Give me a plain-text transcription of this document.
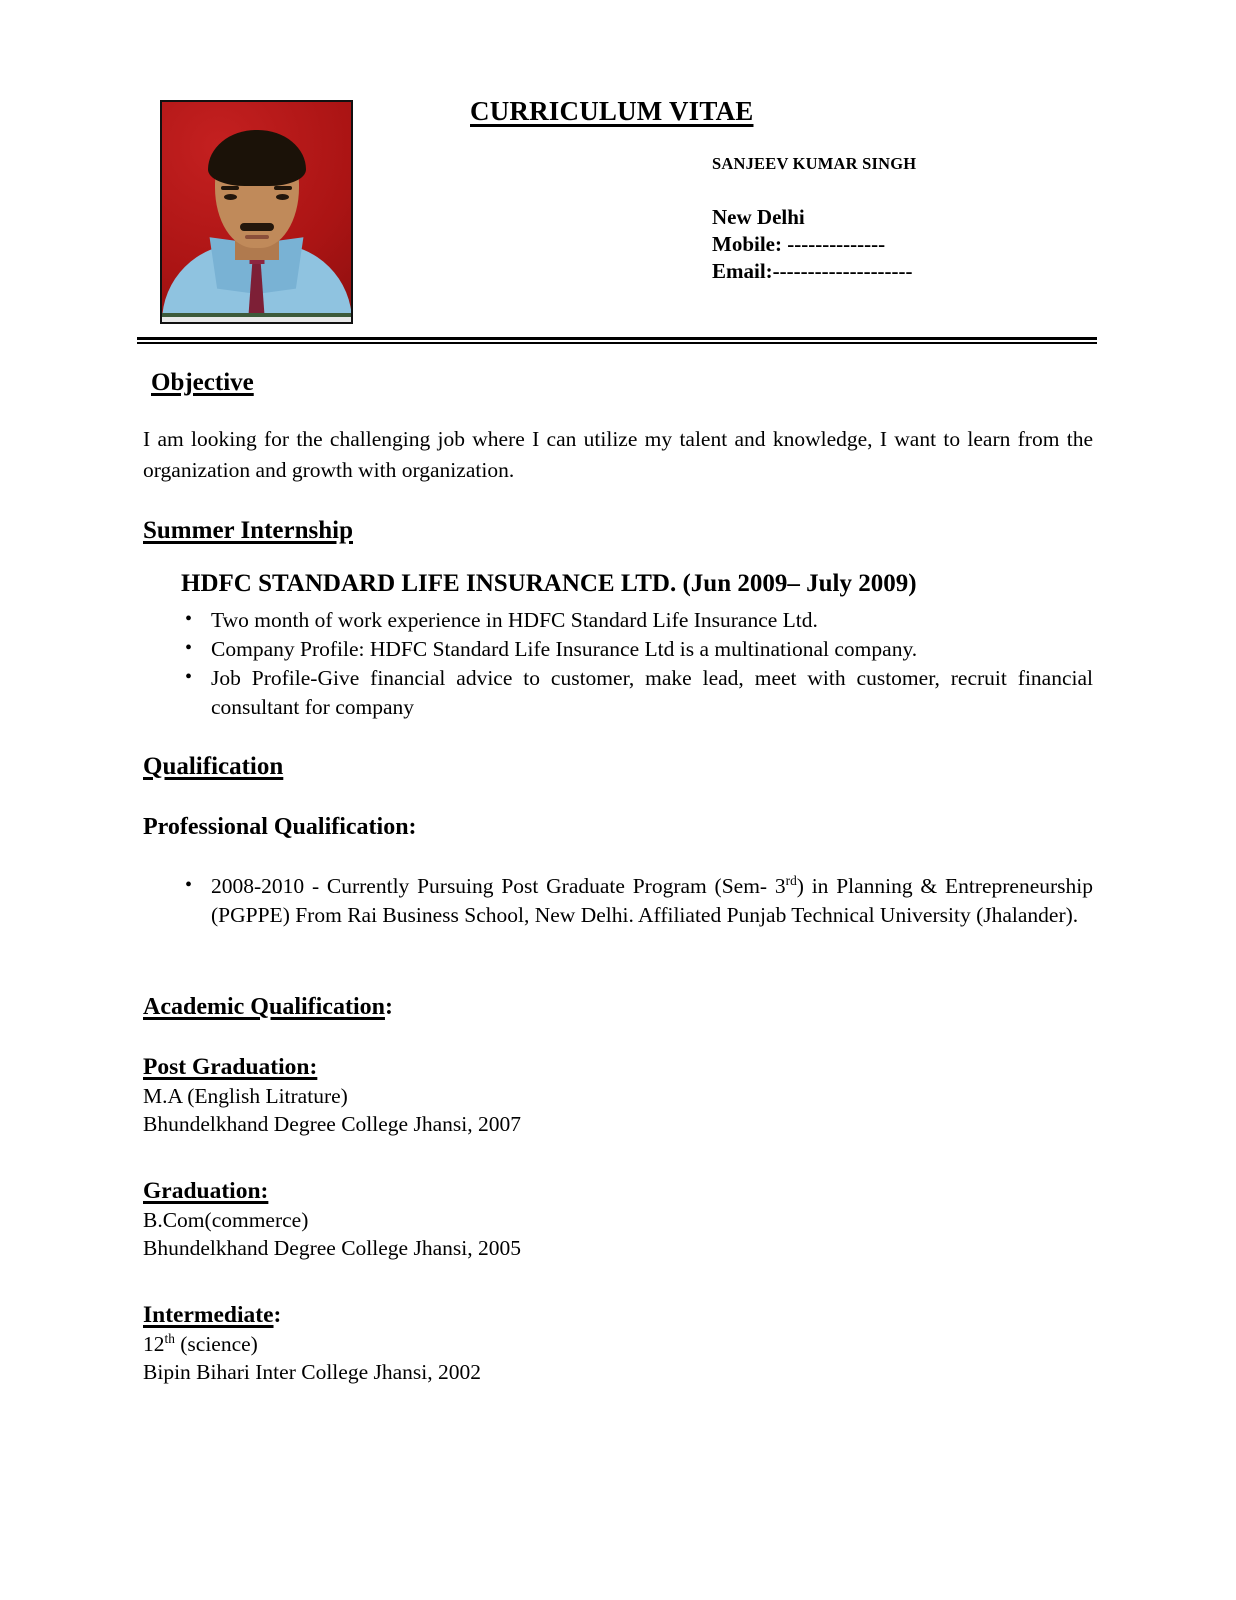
CURRICULUM VITAE
SANJEEV KUMAR SINGH
New Delhi
Mobile: --------------
Email:--------------------
Objective

I am looking for the challenging job where I can utilize my talent and knowledge, I want to learn from the organization and growth with organization.

Summer Internship

HDFC STANDARD LIFE INSURANCE LTD. (Jun 2009– July 2009)

• Two month of work experience in HDFC Standard Life Insurance Ltd.
• Company Profile: HDFC Standard Life Insurance Ltd is a multinational company.
• Job Profile-Give financial advice to customer, make lead, meet with customer, recruit financial consultant for company
Qualification

Professional Qualification:

• 2008-2010 - Currently Pursuing Post Graduate Program (Sem- 3rd) in Planning & Entrepreneurship (PGPPE) From Rai Business School, New Delhi. Affiliated Punjab Technical University (Jhalander).

Academic Qualification:

Post Graduation:

M.A (English Litrature)

Bhundelkhand Degree College Jhansi, 2007

Graduation:

B.Com(commerce)

Bhundelkhand Degree College Jhansi, 2005

Intermediate:

12th (science)

Bipin Bihari Inter College Jhansi, 2002
